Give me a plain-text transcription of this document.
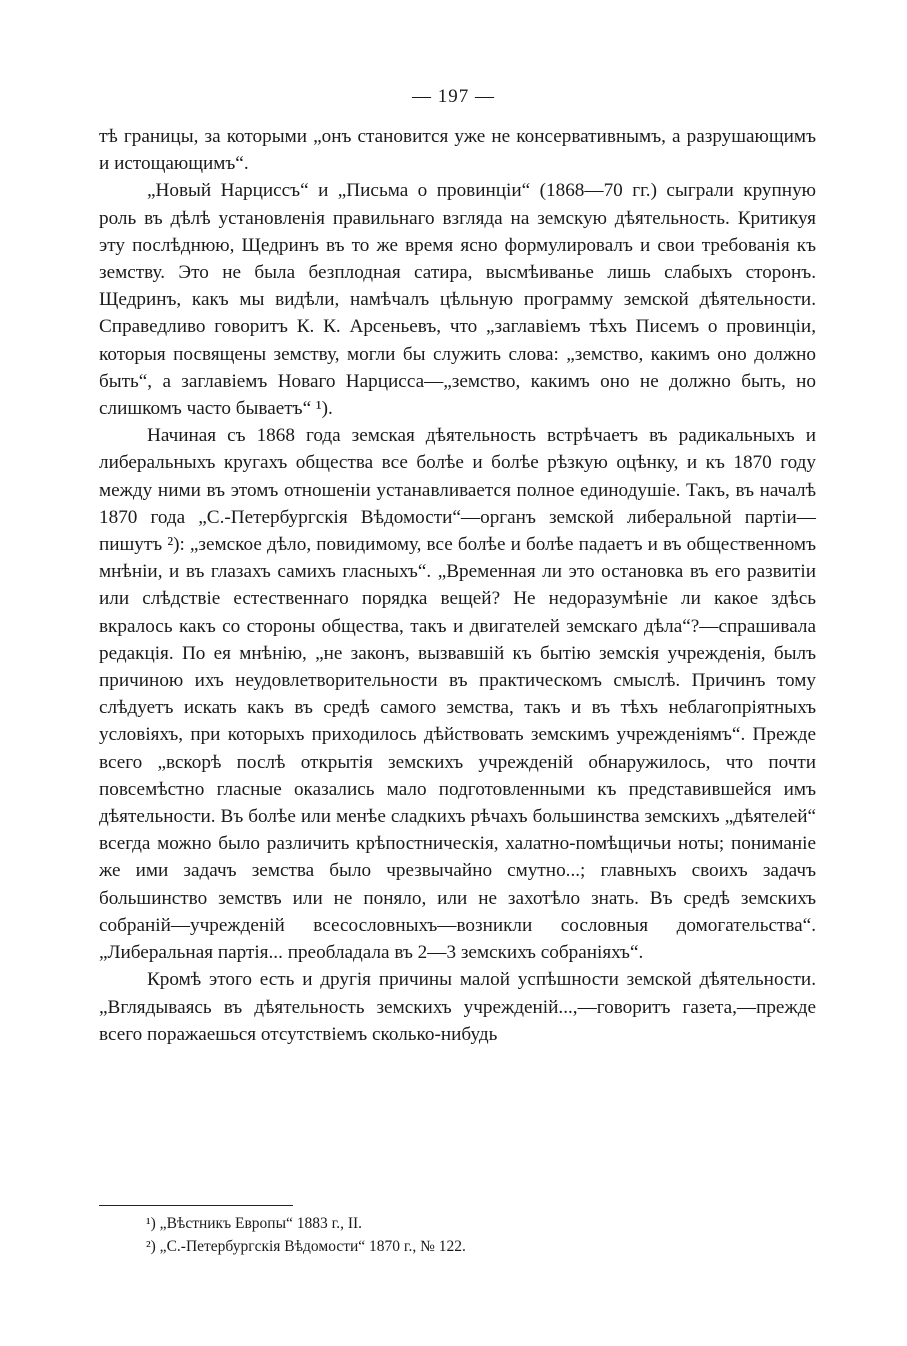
— 197 —

тѣ границы, за которыми „онъ становится уже не консервативнымъ, а разрушающимъ и истощающимъ“.

„Новый Нарциссъ“ и „Письма о провинціи“ (1868—70 гг.) сыграли крупную роль въ дѣлѣ установленія правильнаго взгляда на земскую дѣятельность. Критикуя эту послѣднюю, Щедринъ въ то же время ясно формулировалъ и свои требованія къ земству. Это не была безплодная сатира, высмѣиванье лишь слабыхъ сторонъ. Щедринъ, какъ мы видѣли, намѣчалъ цѣльную программу земской дѣятельности. Справедливо говоритъ К. К. Арсеньевъ, что „заглавіемъ тѣхъ Писемъ о провинціи, которыя посвящены земству, могли бы служить слова: „земство, какимъ оно должно быть“, а заглавіемъ Новаго Нарцисса—„земство, какимъ оно не должно быть, но слишкомъ часто бываетъ“ ¹).

Начиная съ 1868 года земская дѣятельность встрѣчаетъ въ радикальныхъ и либеральныхъ кругахъ общества все болѣе и болѣе рѣзкую оцѣнку, и къ 1870 году между ними въ этомъ отношеніи устанавливается полное единодушіе. Такъ, въ началѣ 1870 года „С.-Петербургскія Вѣдомости“—органъ земской либеральной партіи—пишутъ ²): „земское дѣло, повидимому, все болѣе и болѣе падаетъ и въ общественномъ мнѣніи, и въ глазахъ самихъ гласныхъ“. „Временная ли это остановка въ его развитіи или слѣдствіе естественнаго порядка вещей? Не недоразумѣніе ли какое здѣсь вкралось какъ со стороны общества, такъ и двигателей земскаго дѣла“?—спрашивала редакція. По ея мнѣнію, „не законъ, вызвавшій къ бытію земскія учрежденія, былъ причиною ихъ неудовлетворительности въ практическомъ смыслѣ. Причинъ тому слѣдуетъ искать какъ въ средѣ самого земства, такъ и въ тѣхъ неблагопріятныхъ условіяхъ, при которыхъ приходилось дѣйствовать земскимъ учрежденіямъ“. Прежде всего „вскорѣ послѣ открытія земскихъ учрежденій обнаружилось, что почти повсемѣстно гласные оказались мало подготовленными къ представившейся имъ дѣятельности. Въ болѣе или менѣе сладкихъ рѣчахъ большинства земскихъ „дѣятелей“ всегда можно было различить крѣпостническія, халатно-помѣщичьи ноты; пониманіе же ими задачъ земства было чрезвычайно смутно...; главныхъ своихъ задачъ большинство земствъ или не поняло, или не захотѣло знать. Въ средѣ земскихъ собраній—учрежденій всесословныхъ—возникли сословныя домогательства“. „Либеральная партія... преобладала въ 2—3 земскихъ собраніяхъ“.

Кромѣ этого есть и другія причины малой успѣшности земской дѣятельности. „Вглядываясь въ дѣятельность земскихъ учрежденій...,—говоритъ газета,—прежде всего поражаешься отсутствіемъ сколько-нибудь

¹) „Вѣстникъ Европы“ 1883 г., II.

²) „С.-Петербургскія Вѣдомости“ 1870 г., № 122.
